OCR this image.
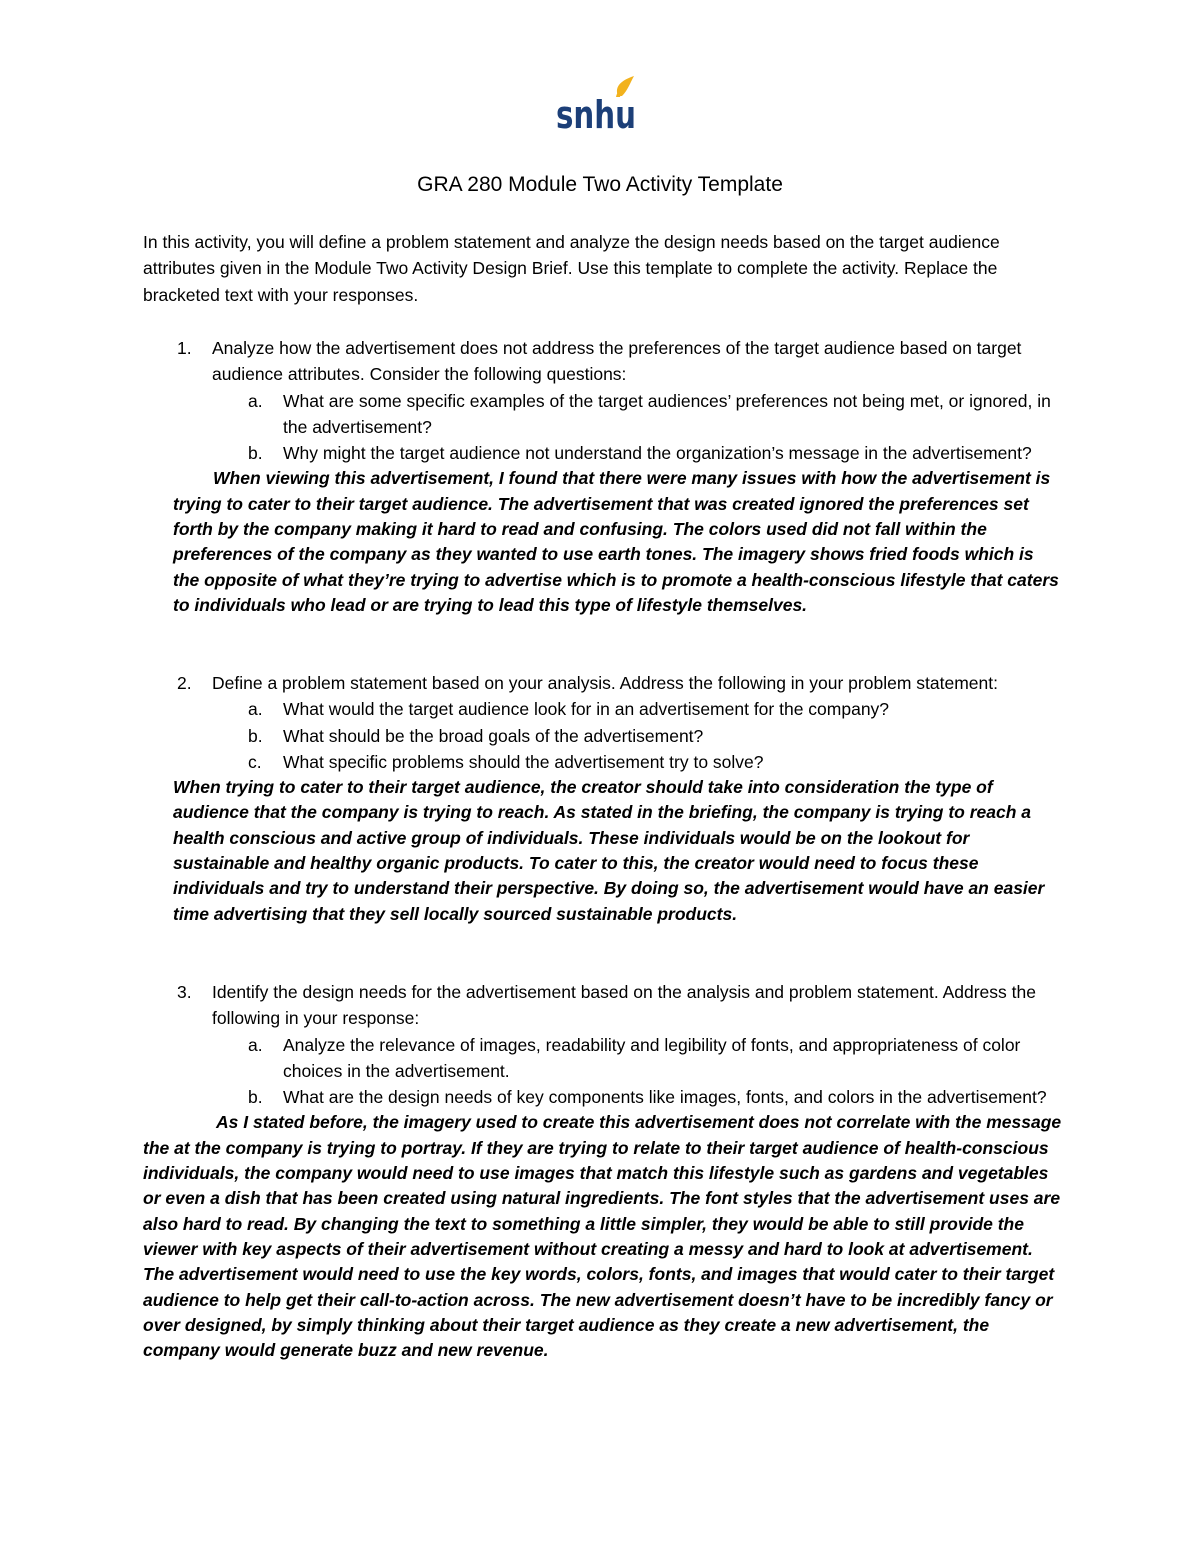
snhu
GRA 280 Module Two Activity Template
In this activity, you will define a problem statement and analyze the design needs based on the target audience attributes given in the Module Two Activity Design Brief. Use this template to complete the activity. Replace the bracketed text with your responses.
1. Analyze how the advertisement does not address the preferences of the target audience based on target audience attributes. Consider the following questions:
a. What are some specific examples of the target audiences’ preferences not being met, or ignored, in the advertisement?
b. Why might the target audience not understand the organization’s message in the advertisement?
When viewing this advertisement, I found that there were many issues with how the advertisement is trying to cater to their target audience. The advertisement that was created ignored the preferences set forth by the company making it hard to read and confusing. The colors used did not fall within the preferences of the company as they wanted to use earth tones. The imagery shows fried foods which is the opposite of what they’re trying to advertise which is to promote a health-conscious lifestyle that caters to individuals who lead or are trying to lead this type of lifestyle themselves.
2. Define a problem statement based on your analysis. Address the following in your problem statement:
a. What would the target audience look for in an advertisement for the company?
b. What should be the broad goals of the advertisement?
c. What specific problems should the advertisement try to solve?
When trying to cater to their target audience, the creator should take into consideration the type of audience that the company is trying to reach. As stated in the briefing, the company is trying to reach a health conscious and active group of individuals. These individuals would be on the lookout for sustainable and healthy organic products. To cater to this, the creator would need to focus these individuals and try to understand their perspective. By doing so, the advertisement would have an easier time advertising that they sell locally sourced sustainable products.
3. Identify the design needs for the advertisement based on the analysis and problem statement. Address the following in your response:
a. Analyze the relevance of images, readability and legibility of fonts, and appropriateness of color choices in the advertisement.
b. What are the design needs of key components like images, fonts, and colors in the advertisement?
As I stated before, the imagery used to create this advertisement does not correlate with the message the at the company is trying to portray. If they are trying to relate to their target audience of health-conscious individuals, the company would need to use images that match this lifestyle such as gardens and vegetables or even a dish that has been created using natural ingredients. The font styles that the advertisement uses are also hard to read. By changing the text to something a little simpler, they would be able to still provide the viewer with key aspects of their advertisement without creating a messy and hard to look at advertisement. The advertisement would need to use the key words, colors, fonts, and images that would cater to their target audience to help get their call-to-action across. The new advertisement doesn’t have to be incredibly fancy or over designed, by simply thinking about their target audience as they create a new advertisement, the company would generate buzz and new revenue.
